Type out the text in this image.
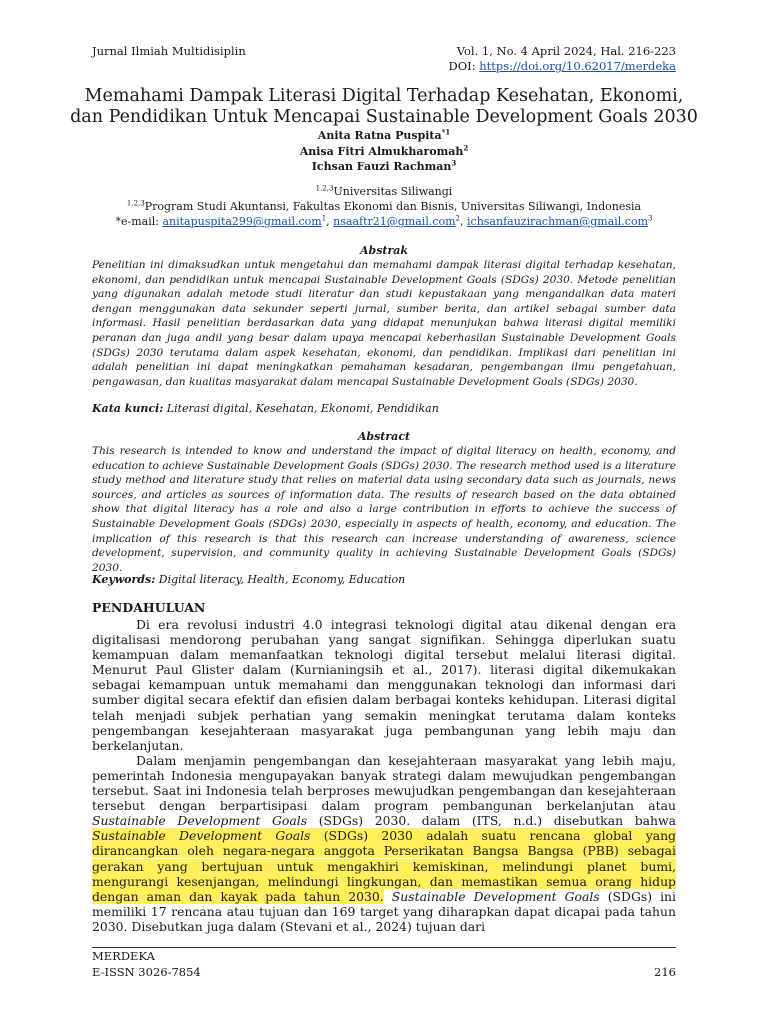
Jurnal Ilmiah Multidisiplin	Vol. 1, No. 4 April 2024, Hal. 216-223
DOI: https://doi.org/10.62017/merdeka
Memahami Dampak Literasi Digital Terhadap Kesehatan, Ekonomi,
dan Pendidikan Untuk Mencapai Sustainable Development Goals 2030
Anita Ratna Puspita$^{*1}$
Anisa Fitri Almukharomah$^2$
Ichsan Fauzi Rachman$^3$
$^{1,2,3}$Universitas Siliwangi
$^{1,2,3}$Program Studi Akuntansi, Fakultas Ekonomi dan Bisnis, Universitas Siliwangi, Indonesia
*e-mail: anitapuspita299@gmail.com$^1$, nsaaftr21@gmail.com$^2$, ichsanfauzirachman@gmail.com$^3$
Abstrak
Penelitian ini dimaksudkan untuk mengetahui dan memahami dampak literasi digital terhadap kesehatan, ekonomi, dan pendidikan untuk mencapai Sustainable Development Goals (SDGs) 2030. Metode penelitian yang digunakan adalah metode studi literatur dan studi kepustakaan yang mengandalkan data materi dengan menggunakan data sekunder seperti jurnal, sumber berita, dan artikel sebagai sumber data informasi. Hasil penelitian berdasarkan data yang didapat menunjukan bahwa literasi digital memiliki peranan dan juga andil yang besar dalam upaya mencapai keberhasilan Sustainable Development Goals (SDGs) 2030 terutama dalam aspek kesehatan, ekonomi, dan pendidikan. Implikasi dari penelitian ini adalah penelitian ini dapat meningkatkan pemahaman kesadaran, pengembangan ilmu pengetahuan, pengawasan, dan kualitas masyarakat dalam mencapai Sustainable Development Goals (SDGs) 2030.
Kata kunci: Literasi digital, Kesehatan, Ekonomi, Pendidikan
Abstract
This research is intended to know and understand the impact of digital literacy on health, economy, and education to achieve Sustainable Development Goals (SDGs) 2030. The research method used is a literature study method and literature study that relies on material data using secondary data such as journals, news sources, and articles as sources of information data. The results of research based on the data obtained show that digital literacy has a role and also a large contribution in efforts to achieve the success of Sustainable Development Goals (SDGs) 2030, especially in aspects of health, economy, and education. The implication of this research is that this research can increase understanding of awareness, science development, supervision, and community quality in achieving Sustainable Development Goals (SDGs) 2030.
Keywords: Digital literacy, Health, Economy, Education
PENDAHULUAN

Di era revolusi industri 4.0 integrasi teknologi digital atau dikenal dengan era digitalisasi mendorong perubahan yang sangat signifikan. Sehingga diperlukan suatu kemampuan dalam memanfaatkan teknologi digital tersebut melalui literasi digital. Menurut Paul Glister dalam (Kurnianingsih et al., 2017). literasi digital dikemukakan sebagai kemampuan untuk memahami dan menggunakan teknologi dan informasi dari sumber digital secara efektif dan efisien dalam berbagai konteks kehidupan. Literasi digital telah menjadi subjek perhatian yang semakin meningkat terutama dalam konteks pengembangan kesejahteraan masyarakat juga pembangunan yang lebih maju dan berkelanjutan.

Dalam menjamin pengembangan dan kesejahteraan masyarakat yang lebih maju, pemerintah Indonesia mengupayakan banyak strategi dalam mewujudkan pengembangan tersebut. Saat ini Indonesia telah berproses mewujudkan pengembangan dan kesejahteraan tersebut dengan berpartisipasi dalam program pembangunan berkelanjutan atau Sustainable Development Goals (SDGs) 2030. dalam (ITS, n.d.) disebutkan bahwa Sustainable Development Goals (SDGs) 2030 adalah suatu rencana global yang dirancangkan oleh negara-negara anggota Perserikatan Bangsa Bangsa (PBB) sebagai gerakan yang bertujuan untuk mengakhiri kemiskinan, melindungi planet bumi, mengurangi kesenjangan, melindungi lingkungan, dan memastikan semua orang hidup dengan aman dan kayak pada tahun 2030. Sustainable Development Goals (SDGs) ini memiliki 17 rencana atau tujuan dan 169 target yang diharapkan dapat dicapai pada tahun 2030. Disebutkan juga dalam (Stevani et al., 2024) tujuan dari

MERDEKA
E-ISSN 3026-7854	216
